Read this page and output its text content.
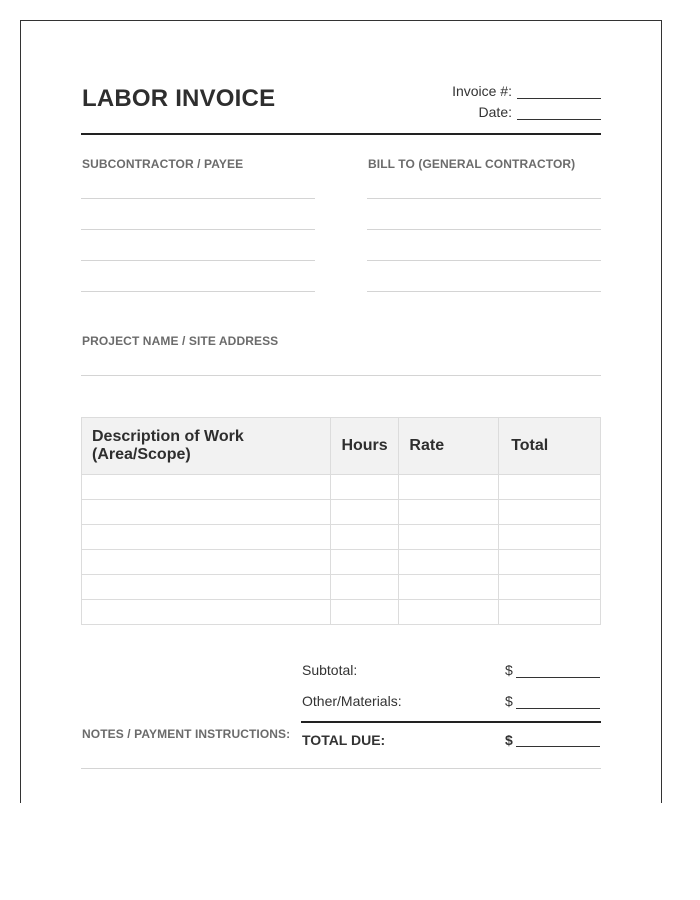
LABOR INVOICE	Invoice #:
Date:
SUBCONTRACTOR / PAYEE	BILL TO (GENERAL CONTRACTOR)
PROJECT NAME / SITE ADDRESS
Description of Work
(Area/Scope)	Hours	Rate	Total

Subtotal:	$
Other/Materials:	$
TOTAL DUE:	$
NOTES / PAYMENT INSTRUCTIONS:
